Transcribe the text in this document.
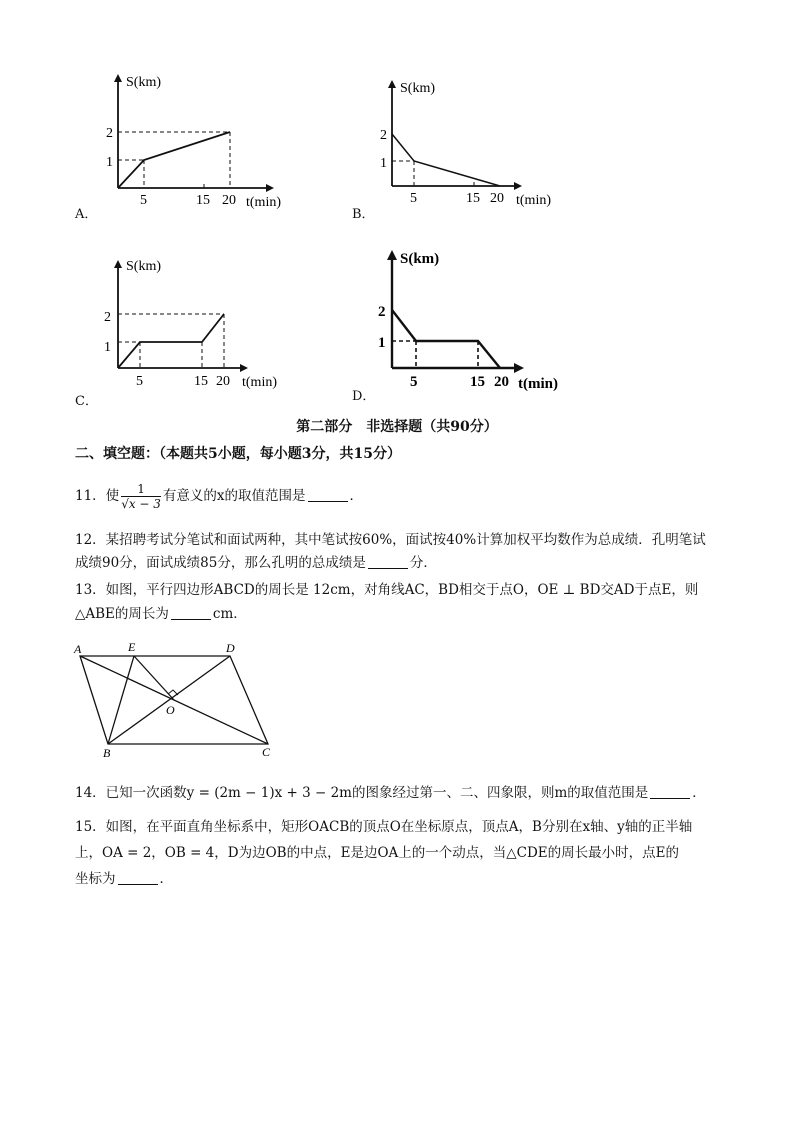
S(km)
t(min)
1
2
5	15 20
A．
S(km)
t(min)
1
2
5	15 20
B．
S(km)
t(min)
1
2
5	15 20
C．
S(km)
t(min)
1
2
5	15 20
D．
第二部分　非选择题（共90分）
二、填空题：（本题共5小题，每小题3分，共15分）
11．使 $\frac{1}{√x - 3}$ 有意义的x的取值范围是	．
12．某招聘考试分笔试和面试两种，其中笔试按60%，面试按40%计算加权平均数作为总成绩．孔明笔试
成绩90分，面试成绩85分，那么孔明的总成绩是	分．
13．如图，平行四边形ABCD的周长是 12cm，对角线AC，BD相交于点O，OE ⊥ BD交AD于点E，则
△ABE的周长为	cm．
A	E	D
O
B	C
14．已知一次函数y = (2m − 1)x + 3 − 2m的图象经过第一、二、四象限，则m的取值范围是	．
15．如图，在平面直角坐标系中，矩形OACB的顶点O在坐标原点，顶点A，B分别在x轴、y轴的正半轴
上，OA = 2，OB = 4，D为边OB的中点，E是边OA上的一个动点，当△CDE的周长最小时，点E的
坐标为	．
